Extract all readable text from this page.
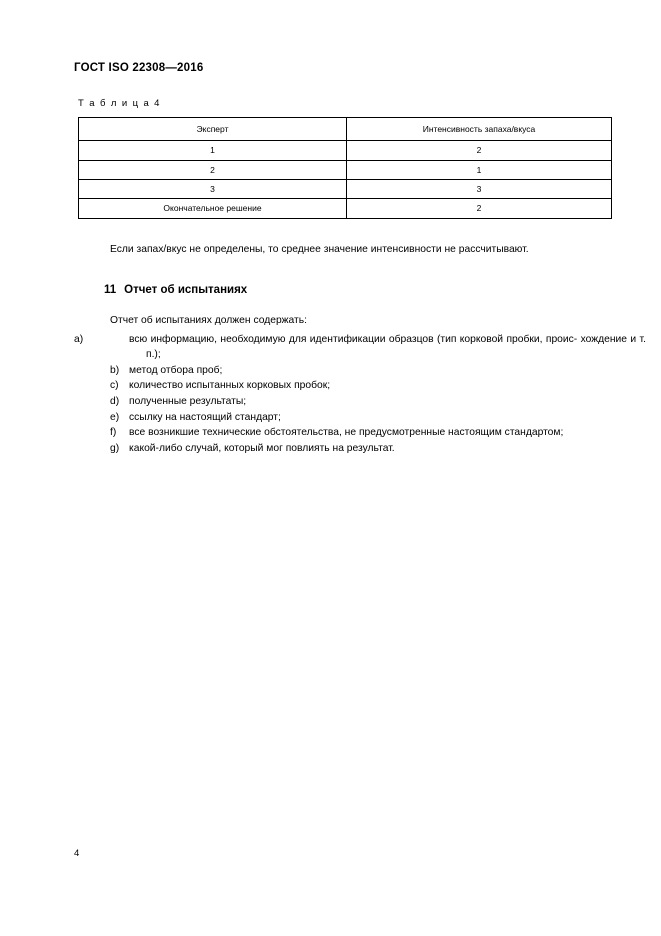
ГОСТ ISO 22308—2016
Т а б л и ц а 4
Эксперт	Интенсивность запаха/вкуса
1	2
2	1
3	3
Окончательное решение	2

Если запах/вкус не определены, то среднее значение интенсивности не рассчитывают.

11 Отчет об испытаниях

Отчет об испытаниях должен содержать:

a)	всю информацию, необходимую для идентификации образцов (тип корковой пробки, проис- хождение и т. п.);
b) метод отбора проб;
c) количество испытанных корковых пробок;
d) полученные результаты;
e) ссылку на настоящий стандарт;
f) все возникшие технические обстоятельства, не предусмотренные настоящим стандартом;
g) какой-либо случай, который мог повлиять на результат.
4
